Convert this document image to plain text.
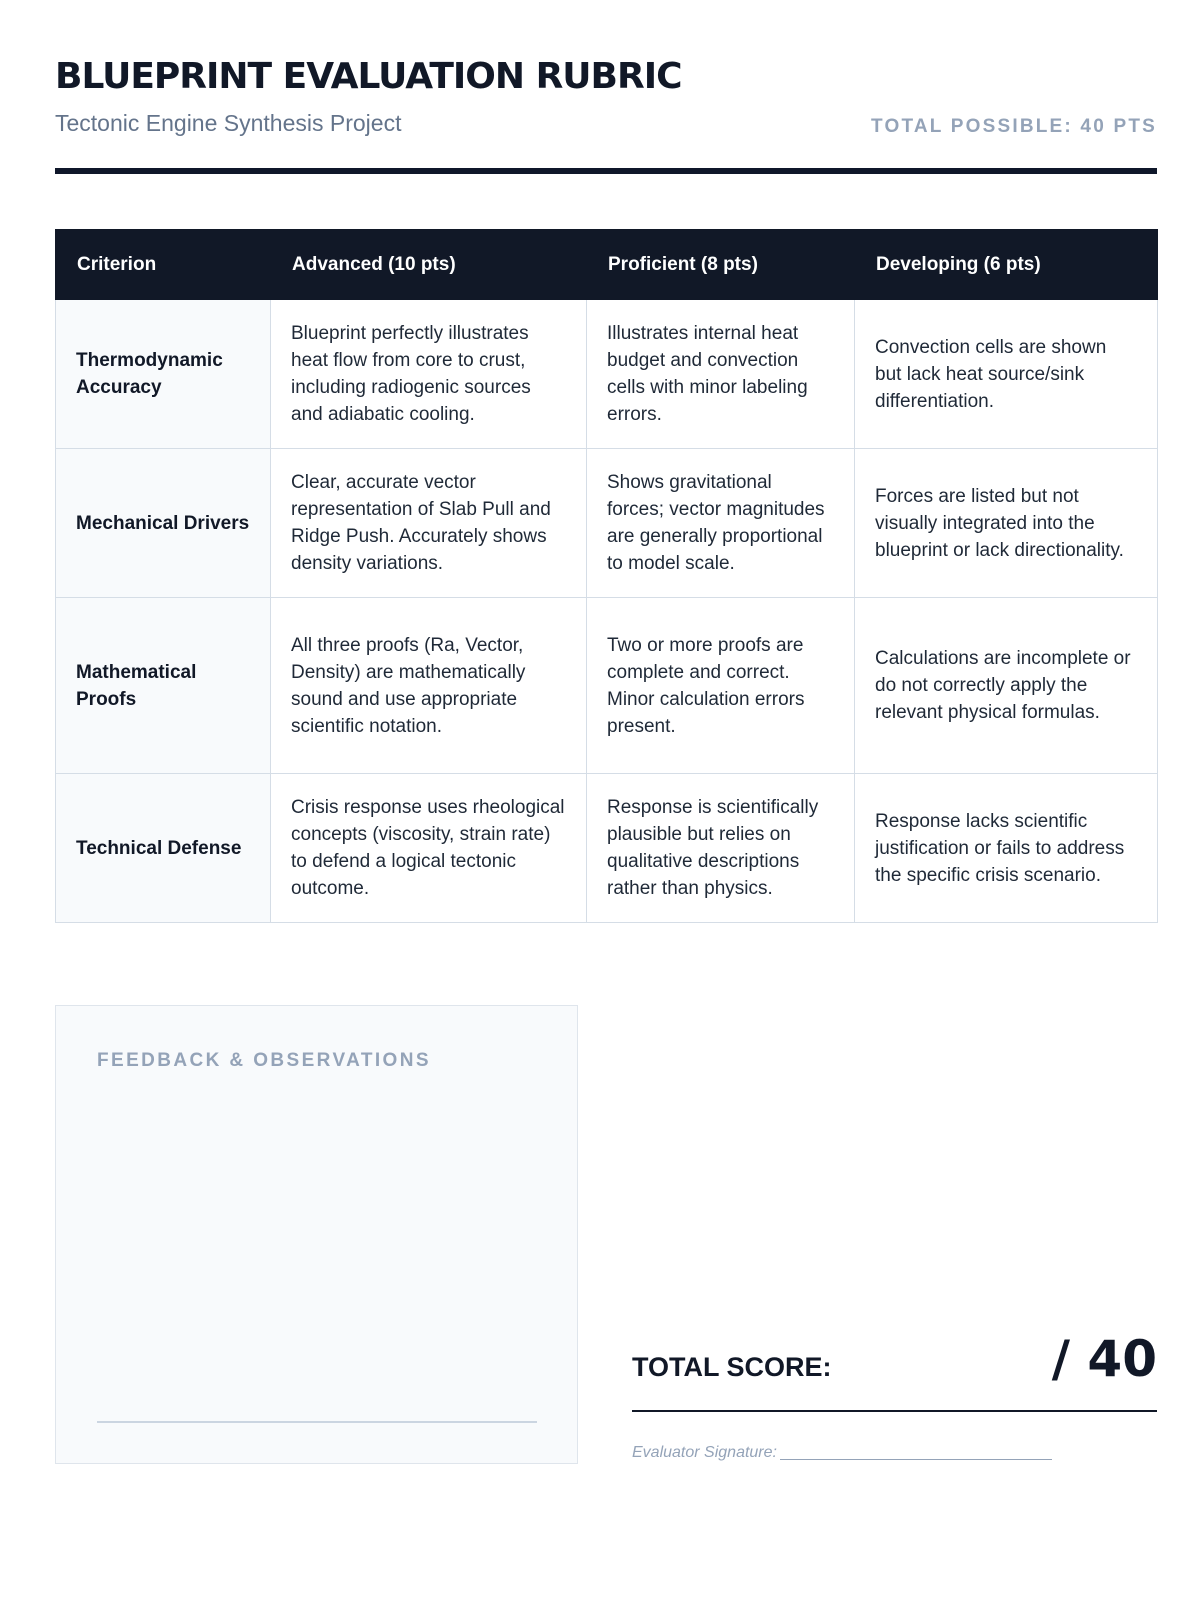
BLUEPRINT EVALUATION RUBRIC
Tectonic Engine Synthesis Project	TOTAL POSSIBLE: 40 PTS
Criterion	Advanced (10 pts)	Proficient (8 pts)	Developing (6 pts)
Thermodynamic Accuracy	Blueprint perfectly illustrates heat flow from core to crust, including radiogenic sources and adiabatic cooling.	Illustrates internal heat budget and convection cells with minor labeling errors.	Convection cells are shown but lack heat source/sink differentiation.
Mechanical Drivers	Clear, accurate vector representation of Slab Pull and Ridge Push. Accurately shows density variations.	Shows gravitational forces; vector magnitudes are generally proportional to model scale.	Forces are listed but not visually integrated into the blueprint or lack directionality.
Mathematical Proofs	All three proofs (Ra, Vector, Density) are mathematically sound and use appropriate scientific notation.	Two or more proofs are complete and correct. Minor calculation errors present.	Calculations are incomplete or do not correctly apply the relevant physical formulas.
Technical Defense	Crisis response uses rheological concepts (viscosity, strain rate) to defend a logical tectonic outcome.	Response is scientifically plausible but relies on qualitative descriptions rather than physics.	Response lacks scientific justification or fails to address the specific crisis scenario.
FEEDBACK & OBSERVATIONS
TOTAL SCORE:	/ 40
Evaluator Signature:
